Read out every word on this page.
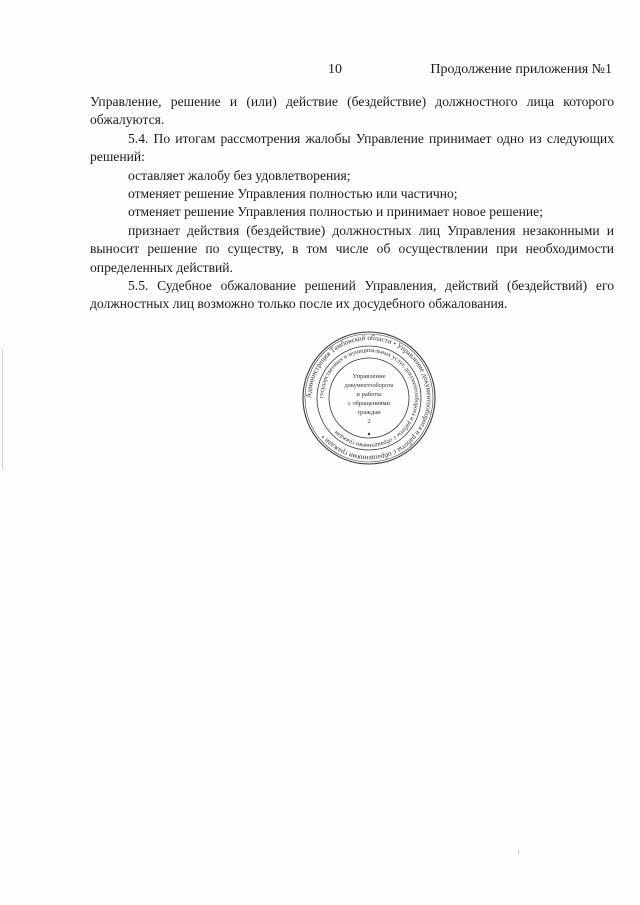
10	Продолжение приложения №1

Управление, решение и (или) действие (бездействие) должностного лица которого обжалуются.

5.4. По итогам рассмотрения жалобы Управление принимает одно из следующих решений:

оставляет жалобу без удовлетворения;

отменяет решение Управления полностью или частично;

отменяет решение Управления полностью и принимает новое решение;

признает действия (бездействие) должностных лиц Управления незаконными и выносит решение по существу, в том числе об осуществлении при необходимости определенных действий.

5.5. Судебное обжалование решений Управления, действий (бездействий) его должностных лиц возможно только после их досудебного обжалования.

Администрация Тамбовской области • Управление документооборота и работы с обращениями граждан •
государственных и муниципальных услуг, документооборота и работы с обращениями граждан
Управление
документооборота
и работы
с обращениями
граждан
2
